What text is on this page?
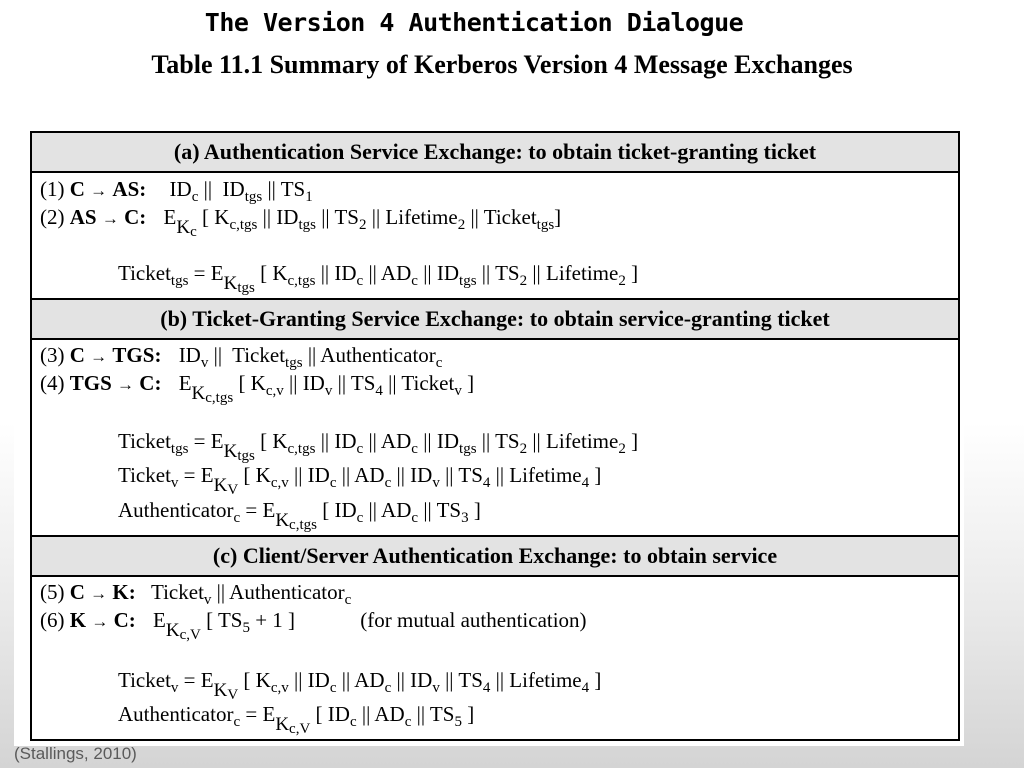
The Version 4 Authentication Dialogue
Table 11.1 Summary of Kerberos Version 4 Message Exchanges
(a) Authentication Service Exchange: to obtain ticket-granting ticket
(1) C → AS: $ID_c$ ||  $ID_{tgs}$ || $TS_1$
(2) AS → C: $E_{K_c}$ [ $K_{c,tgs}$ || $ID_{tgs}$ || $TS_2$ || Lifetime$_2$ || Ticket$_{tgs}$]
Ticket$_{tgs}$ = $E_{K_{tgs}}$ [ $K_{c,tgs}$ || $ID_c$ || $AD_c$ || $ID_{tgs}$ || $TS_2$ || Lifetime$_2$ ]
(b) Ticket-Granting Service Exchange: to obtain service-granting ticket
(3) C → TGS: $ID_v$ ||  Ticket$_{tgs}$ || Authenticator$_c$
(4) TGS → C: $E_{K_{c,tgs}}$ [ $K_{c,v}$ || $ID_v$ || $TS_4$ || Ticket$_v$ ]
Ticket$_{tgs}$ = $E_{K_{tgs}}$ [ $K_{c,tgs}$ || $ID_c$ || $AD_c$ || $ID_{tgs}$ || $TS_2$ || Lifetime$_2$ ]
Ticket$_v$ = $E_{K_V}$ [ $K_{c,v}$ || $ID_c$ || $AD_c$ || $ID_v$ || $TS_4$ || Lifetime$_4$ ]
Authenticator$_c$ = $E_{K_{c,tgs}}$ [ $ID_c$ || $AD_c$ || $TS_3$ ]
(c) Client/Server Authentication Exchange: to obtain service
(5) C → K: Ticket$_v$ || Authenticator$_c$
(6) K → C: $E_{K_{c,V}}$ [ $TS_5 + 1$ ]	(for mutual authentication)
Ticket$_v$ = $E_{K_V}$ [ $K_{c,v}$ || $ID_c$ || $AD_c$ || $ID_v$ || $TS_4$ || Lifetime$_4$ ]
Authenticator$_c$ = $E_{K_{c,V}}$ [ $ID_c$ || $AD_c$ || $TS_5$ ]
(Stallings, 2010)
